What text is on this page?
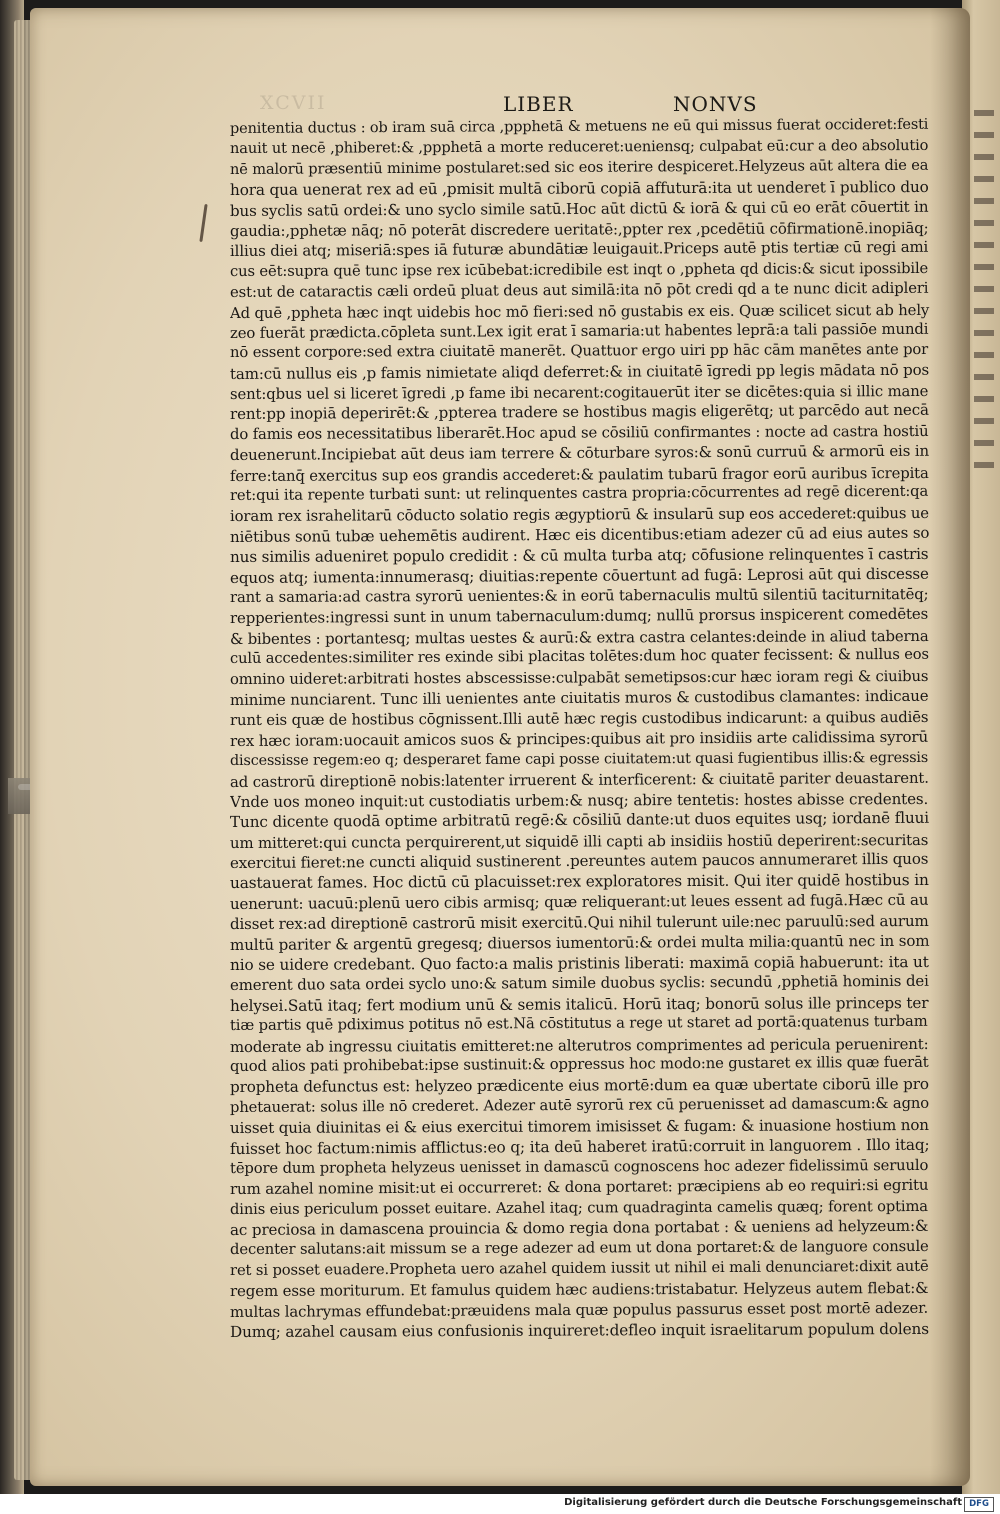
XCVII	LIBER	NONVS
penitentia ductus : ob iram suā circa ,ppphetā & metuens ne eū qui missus fuerat occideret:festi
nauit ut necē ,phiberet:& ,ppphetā a morte reduceret:ueniensq; culpabat eū:cur a deo absolutio
nē malorū præsentiū minime postularet:sed sic eos iterire despiceret.Helyzeus aūt altera die ea
hora qua uenerat rex ad eū ,pmisit multā ciborū copiā affuturā:ita ut uenderet ī publico duo
bus syclis satū ordei:& uno syclo simile satū.Hoc aūt dictū & iorā & qui cū eo erāt cōuertit in
gaudia:,pphetæ nāq; nō poterāt discredere ueritatē:,ppter rex ,pcedētiū cōfirmationē.inopiāq;
illius diei atq; miseriā:spes iā futuræ abundātiæ leuigauit.Priceps autē ptis tertiæ cū regi ami
cus eēt:supra quē tunc ipse rex icūbebat:icredibile est inqt o ,ppheta qd dicis:& sicut ipossibile
est:ut de cataractis cæli ordeū pluat deus aut similā:ita nō pōt credi qd a te nunc dicit adipleri
Ad quē ,ppheta hæc inqt uidebis hoc mō fieri:sed nō gustabis ex eis. Quæ scilicet sicut ab hely
zeo fuerāt prædicta.cōpleta sunt.Lex igit erat ī samaria:ut habentes leprā:a tali passiōe mundi
nō essent corpore:sed extra ciuitatē manerēt. Quattuor ergo uiri pp hāc cām manētes ante por
tam:cū nullus eis ,p famis nimietate aliqd deferret:& in ciuitatē īgredi pp legis mādata nō pos
sent:qbus uel si liceret īgredi ,p fame ibi necarent:cogitauerūt iter se dicētes:quia si illic mane
rent:pp inopiā deperirēt:& ,ppterea tradere se hostibus magis eligerētq; ut parcēdo aut necā
do famis eos necessitatibus liberarēt.Hoc apud se cōsiliū confirmantes : nocte ad castra hostiū
deuenerunt.Incipiebat aūt deus iam terrere & cōturbare syros:& sonū curruū & armorū eis in
ferre:tanq̄ exercitus sup eos grandis accederet:& paulatim tubarū fragor eorū auribus īcrepita
ret:qui ita repente turbati sunt: ut relinquentes castra propria:cōcurrentes ad regē dicerent:qa
ioram rex israhelitarū cōducto solatio regis ægyptiorū & insularū sup eos accederet:quibus ue
niētibus sonū tubæ uehemētis audirent. Hæc eis dicentibus:etiam adezer cū ad eius autes so
nus similis adueniret populo credidit : & cū multa turba atq; cōfusione relinquentes ī castris
equos atq; iumenta:innumerasq; diuitias:repente cōuertunt ad fugā: Leprosi aūt qui discesse
rant a samaria:ad castra syrorū uenientes:& in eorū tabernaculis multū silentiū taciturnitatēq;
repperientes:ingressi sunt in unum tabernaculum:dumq; nullū prorsus inspicerent comedētes
& bibentes : portantesq; multas uestes & aurū:& extra castra celantes:deinde in aliud taberna
culū accedentes:similiter res exinde sibi placitas tolētes:dum hoc quater fecissent: & nullus eos
omnino uideret:arbitrati hostes abscessisse:culpabāt semetipsos:cur hæc ioram regi & ciuibus
minime nunciarent. Tunc illi uenientes ante ciuitatis muros & custodibus clamantes: indicaue
runt eis quæ de hostibus cōgnissent.Illi autē hæc regis custodibus indicarunt: a quibus audiēs
rex hæc ioram:uocauit amicos suos & principes:quibus ait pro insidiis arte calidissima syrorū
discessisse regem:eo q; desperaret fame capi posse ciuitatem:ut quasi fugientibus illis:& egressis
ad castrorū direptionē nobis:latenter irruerent & interficerent: & ciuitatē pariter deuastarent.
Vnde uos moneo inquit:ut custodiatis urbem:& nusq; abire tentetis: hostes abisse credentes.
Tunc dicente quodā optime arbitratū regē:& cōsiliū dante:ut duos equites usq; iordanē fluui
um mitteret:qui cuncta perquirerent,ut siquidē illi capti ab insidiis hostiū deperirent:securitas
exercitui fieret:ne cuncti aliquid sustinerent .pereuntes autem paucos annumeraret illis quos
uastauerat fames. Hoc dictū cū placuisset:rex exploratores misit. Qui iter quidē hostibus in
uenerunt: uacuū:plenū uero cibis armisq; quæ reliquerant:ut leues essent ad fugā.Hæc cū au
disset rex:ad direptionē castrorū misit exercitū.Qui nihil tulerunt uile:nec paruulū:sed aurum
multū pariter & argentū gregesq; diuersos iumentorū:& ordei multa milia:quantū nec in som
nio se uidere credebant. Quo facto:a malis pristinis liberati: maximā copiā habuerunt: ita ut
emerent duo sata ordei syclo uno:& satum simile duobus syclis: secundū ,pphetiā hominis dei
helysei.Satū itaq; fert modium unū & semis italicū. Horū itaq; bonorū solus ille princeps ter
tiæ partis quē pdiximus potitus nō est.Nā cōstitutus a rege ut staret ad portā:quatenus turbam
moderate ab ingressu ciuitatis emitteret:ne alterutros comprimentes ad pericula peruenirent:
quod alios pati prohibebat:ipse sustinuit:& oppressus hoc modo:ne gustaret ex illis quæ fuerāt
propheta defunctus est: helyzeo prædicente eius mortē:dum ea quæ ubertate ciborū ille pro
phetauerat: solus ille nō crederet. Adezer autē syrorū rex cū peruenisset ad damascum:& agno
uisset quia diuinitas ei & eius exercitui timorem imisisset & fugam: & inuasione hostium non
fuisset hoc factum:nimis afflictus:eo q; ita deū haberet iratū:corruit in languorem . Illo itaq;
tēpore dum propheta helyzeus uenisset in damascū cognoscens hoc adezer fidelissimū seruulo
rum azahel nomine misit:ut ei occurreret: & dona portaret: præcipiens ab eo requiri:si egritu
dinis eius periculum posset euitare. Azahel itaq; cum quadraginta camelis quæq; forent optima
ac preciosa in damascena prouincia & domo regia dona portabat : & ueniens ad helyzeum:&
decenter salutans:ait missum se a rege adezer ad eum ut dona portaret:& de languore consule
ret si posset euadere.Propheta uero azahel quidem iussit ut nihil ei mali denunciaret:dixit autē
regem esse moriturum. Et famulus quidem hæc audiens:tristabatur. Helyzeus autem flebat:&
multas lachrymas effundebat:præuidens mala quæ populus passurus esset post mortē adezer.
Dumq; azahel causam eius confusionis inquireret:defleo inquit israelitarum populum dolens
Digitalisierung gefördert durch die Deutsche Forschungsgemeinschaft DFG
